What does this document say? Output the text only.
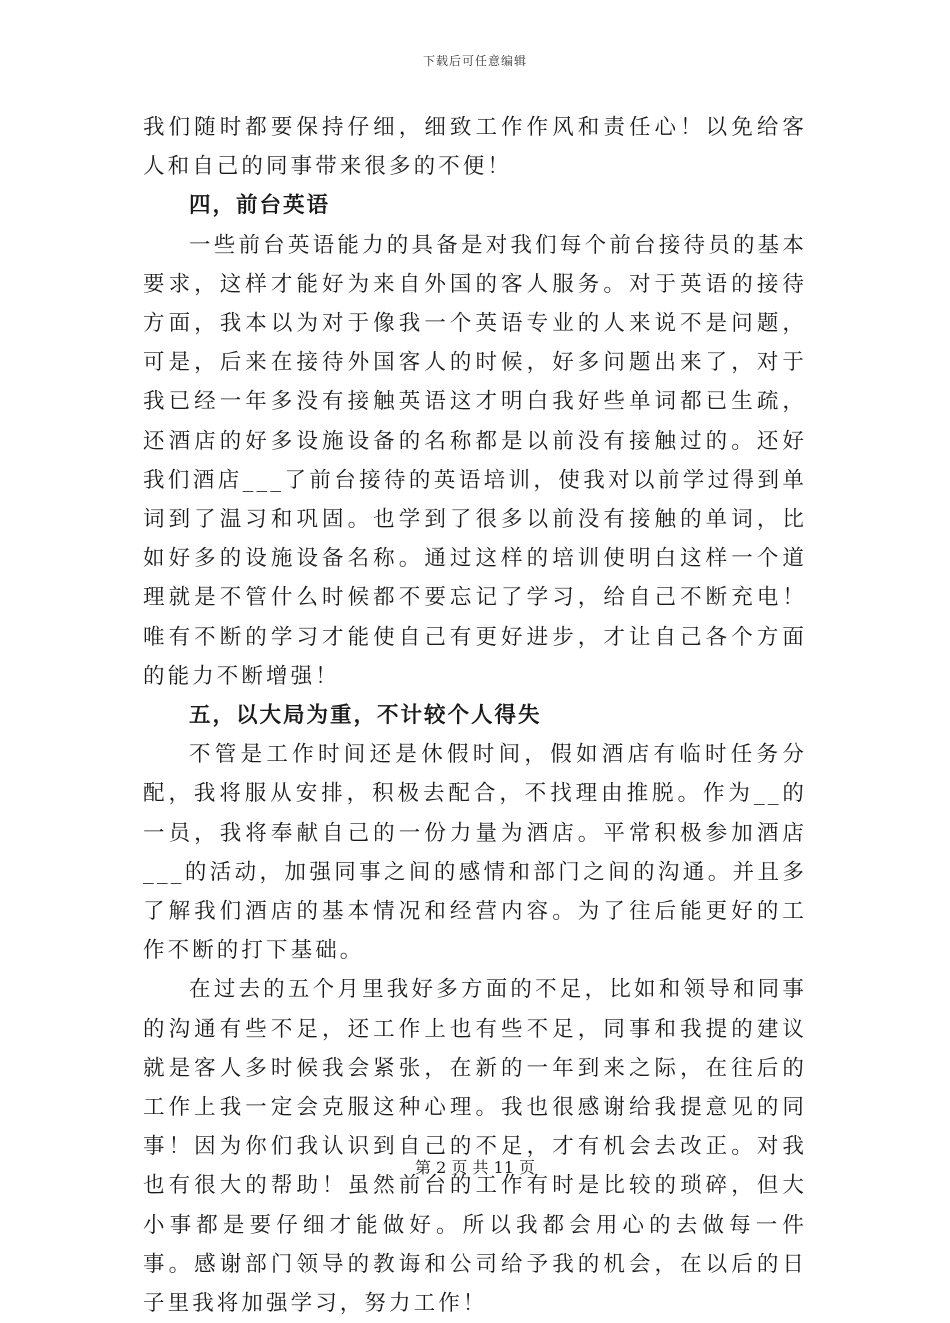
下载后可任意编辑

我们随时都要保持仔细，细致工作作风和责任心！以免给客人和自己的同事带来很多的不便！

四，前台英语

一些前台英语能力的具备是对我们每个前台接待员的基本要求，这样才能好为来自外国的客人服务。对于英语的接待方面，我本以为对于像我一个英语专业的人来说不是问题，可是，后来在接待外国客人的时候，好多问题出来了，对于我已经一年多没有接触英语这才明白我好些单词都已生疏，还酒店的好多设施设备的名称都是以前没有接触过的。还好我们酒店___了前台接待的英语培训，使我对以前学过得到单词到了温习和巩固。也学到了很多以前没有接触的单词，比如好多的设施设备名称。通过这样的培训使明白这样一个道理就是不管什么时候都不要忘记了学习，给自己不断充电！唯有不断的学习才能使自己有更好进步，才让自己各个方面的能力不断增强！

五，以大局为重，不计较个人得失

不管是工作时间还是休假时间，假如酒店有临时任务分配，我将服从安排，积极去配合，不找理由推脱。作为__的一员，我将奉献自己的一份力量为酒店。平常积极参加酒店___的活动，加强同事之间的感情和部门之间的沟通。并且多了解我们酒店的基本情况和经营内容。为了往后能更好的工作不断的打下基础。

在过去的五个月里我好多方面的不足，比如和领导和同事的沟通有些不足，还工作上也有些不足，同事和我提的建议就是客人多时候我会紧张，在新的一年到来之际，在往后的工作上我一定会克服这种心理。我也很感谢给我提意见的同事！因为你们我认识到自己的不足，才有机会去改正。对我也有很大的帮助！虽然前台的工作有时是比较的琐碎，但大小事都是要仔细才能做好。所以我都会用心的去做每一件事。感谢部门领导的教诲和公司给予我的机会，在以后的日子里我将加强学习，努力工作！

第 2 页 共 11 页
